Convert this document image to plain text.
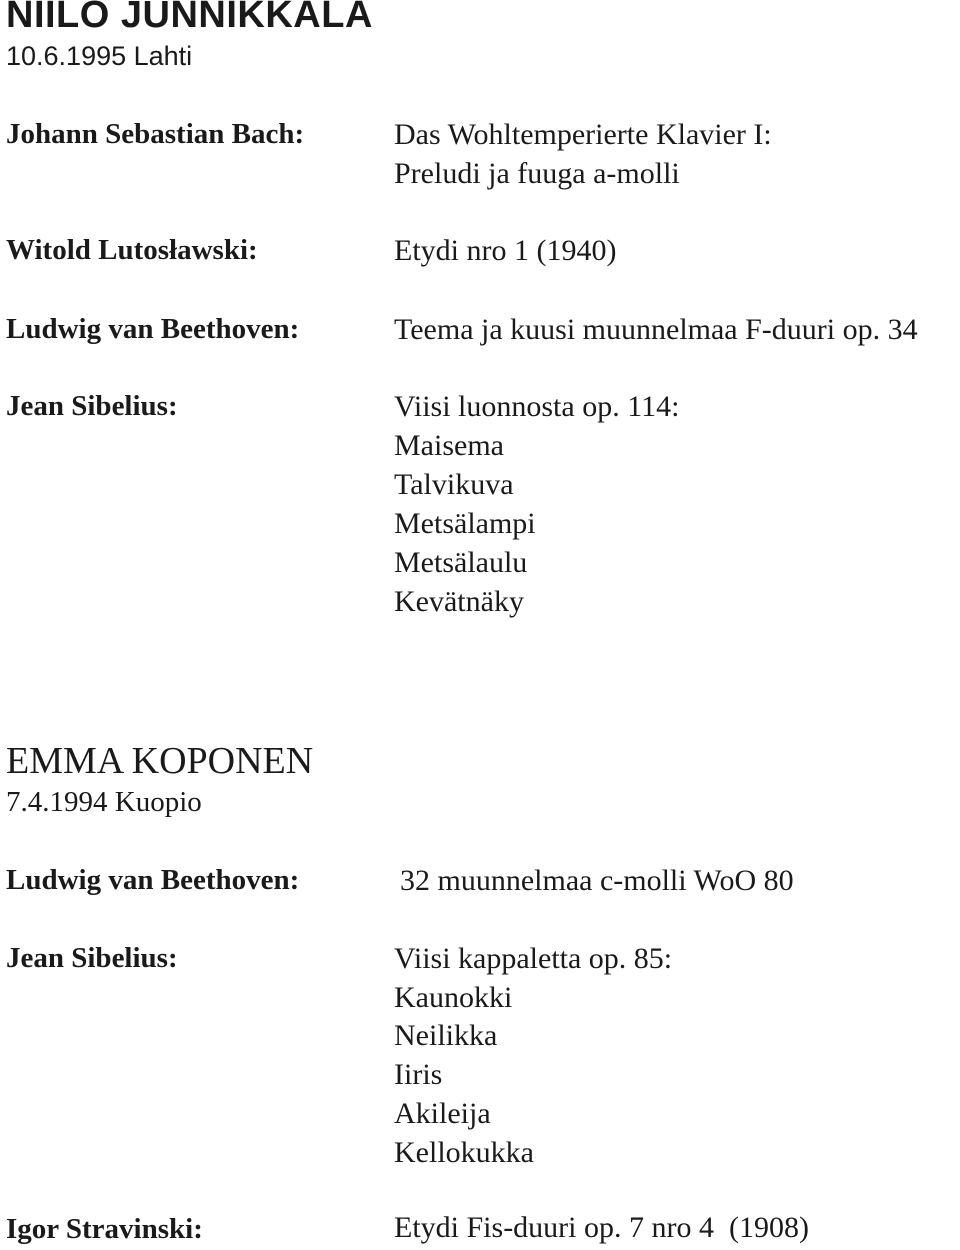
NIILO JUNNIKKALA
10.6.1995 Lahti
Johann Sebastian Bach:	Das Wohltemperierte Klavier I:
Preludi ja fuuga a-molli
Witold Lutosławski:	Etydi nro 1 (1940)
Ludwig van Beethoven:	Teema ja kuusi muunnelmaa F-duuri op. 34
Jean Sibelius:	Viisi luonnosta op. 114:
Maisema
Talvikuva
Metsälampi
Metsälaulu
Kevätnäky
EMMA KOPONEN
7.4.1994 Kuopio
Ludwig van Beethoven:	32 muunnelmaa c-molli WoO 80
Jean Sibelius:	Viisi kappaletta op. 85:
Kaunokki
Neilikka
Iiris
Akileija
Kellokukka
Igor Stravinski:	Etydi Fis-duuri op. 7 nro 4  (1908)
